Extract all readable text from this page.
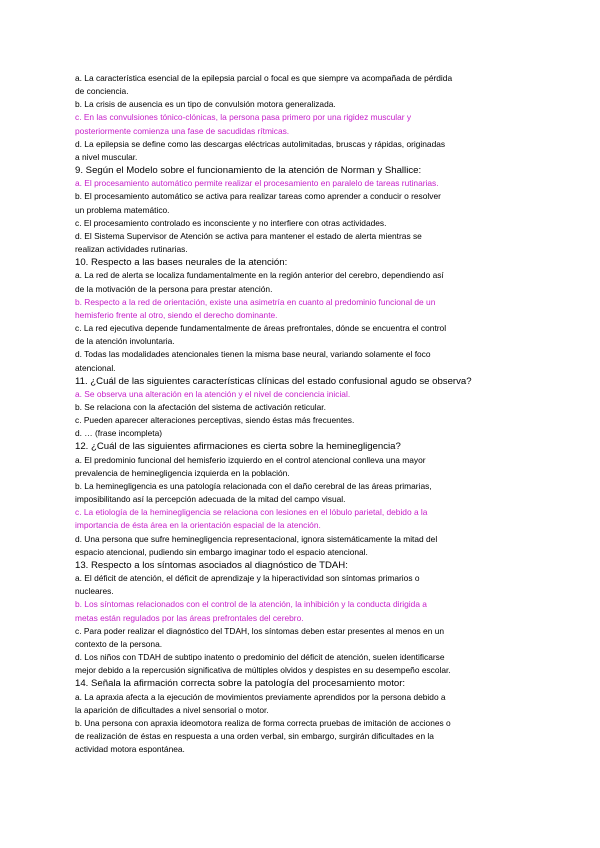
a. La característica esencial de la epilepsia parcial o focal es que siempre va acompañada de pérdida
de conciencia.
b. La crisis de ausencia es un tipo de convulsión motora generalizada.
c. En las convulsiones tónico-clónicas, la persona pasa primero por una rigidez muscular y
posteriormente comienza una fase de sacudidas rítmicas.
d. La epilepsia se define como las descargas eléctricas autolimitadas, bruscas y rápidas, originadas
a nivel muscular.
9. Según el Modelo sobre el funcionamiento de la atención de Norman y Shallice:
a. El procesamiento automático permite realizar el procesamiento en paralelo de tareas rutinarias.
b. El procesamiento automático se activa para realizar tareas como aprender a conducir o resolver
un problema matemático.
c. El procesamiento controlado es inconsciente y no interfiere con otras actividades.
d. El Sistema Supervisor de Atención se activa para mantener el estado de alerta mientras se
realizan actividades rutinarias.
10. Respecto a las bases neurales de la atención:
a. La red de alerta se localiza fundamentalmente en la región anterior del cerebro, dependiendo así
de la motivación de la persona para prestar atención.
b. Respecto a la red de orientación, existe una asimetría en cuanto al predominio funcional de un
hemisferio frente al otro, siendo el derecho dominante.
c. La red ejecutiva depende fundamentalmente de áreas prefrontales, dónde se encuentra el control
de la atención involuntaria.
d. Todas las modalidades atencionales tienen la misma base neural, variando solamente el foco
atencional.
11. ¿Cuál de las siguientes características clínicas del estado confusional agudo se observa?
a. Se observa una alteración en la atención y el nivel de conciencia inicial.
b. Se relaciona con la afectación del sistema de activación reticular.
c. Pueden aparecer alteraciones perceptivas, siendo éstas más frecuentes.
d. … (frase incompleta)
12. ¿Cuál de las siguientes afirmaciones es cierta sobre la heminegligencia?
a. El predominio funcional del hemisferio izquierdo en el control atencional conlleva una mayor
prevalencia de heminegligencia izquierda en la población.
b. La heminegligencia es una patología relacionada con el daño cerebral de las áreas primarias,
imposibilitando así la percepción adecuada de la mitad del campo visual.
c. La etiología de la heminegligencia se relaciona con lesiones en el lóbulo parietal, debido a la
importancia de ésta área en la orientación espacial de la atención.
d. Una persona que sufre heminegligencia representacional, ignora sistemáticamente la mitad del
espacio atencional, pudiendo sin embargo imaginar todo el espacio atencional.
13. Respecto a los síntomas asociados al diagnóstico de TDAH:
a. El déficit de atención, el déficit de aprendizaje y la hiperactividad son síntomas primarios o
nucleares.
b. Los síntomas relacionados con el control de la atención, la inhibición y la conducta dirigida a
metas están regulados por las áreas prefrontales del cerebro.
c. Para poder realizar el diagnóstico del TDAH, los síntomas deben estar presentes al menos en un
contexto de la persona.
d. Los niños con TDAH de subtipo inatento o predominio del déficit de atención, suelen identificarse
mejor debido a la repercusión significativa de múltiples olvidos y despistes en su desempeño escolar.
14. Señala la afirmación correcta sobre la patología del procesamiento motor:
a. La apraxia afecta a la ejecución de movimientos previamente aprendidos por la persona debido a
la aparición de dificultades a nivel sensorial o motor.
b. Una persona con apraxia ideomotora realiza de forma correcta pruebas de imitación de acciones o
de realización de éstas en respuesta a una orden verbal, sin embargo, surgirán dificultades en la
actividad motora espontánea.
